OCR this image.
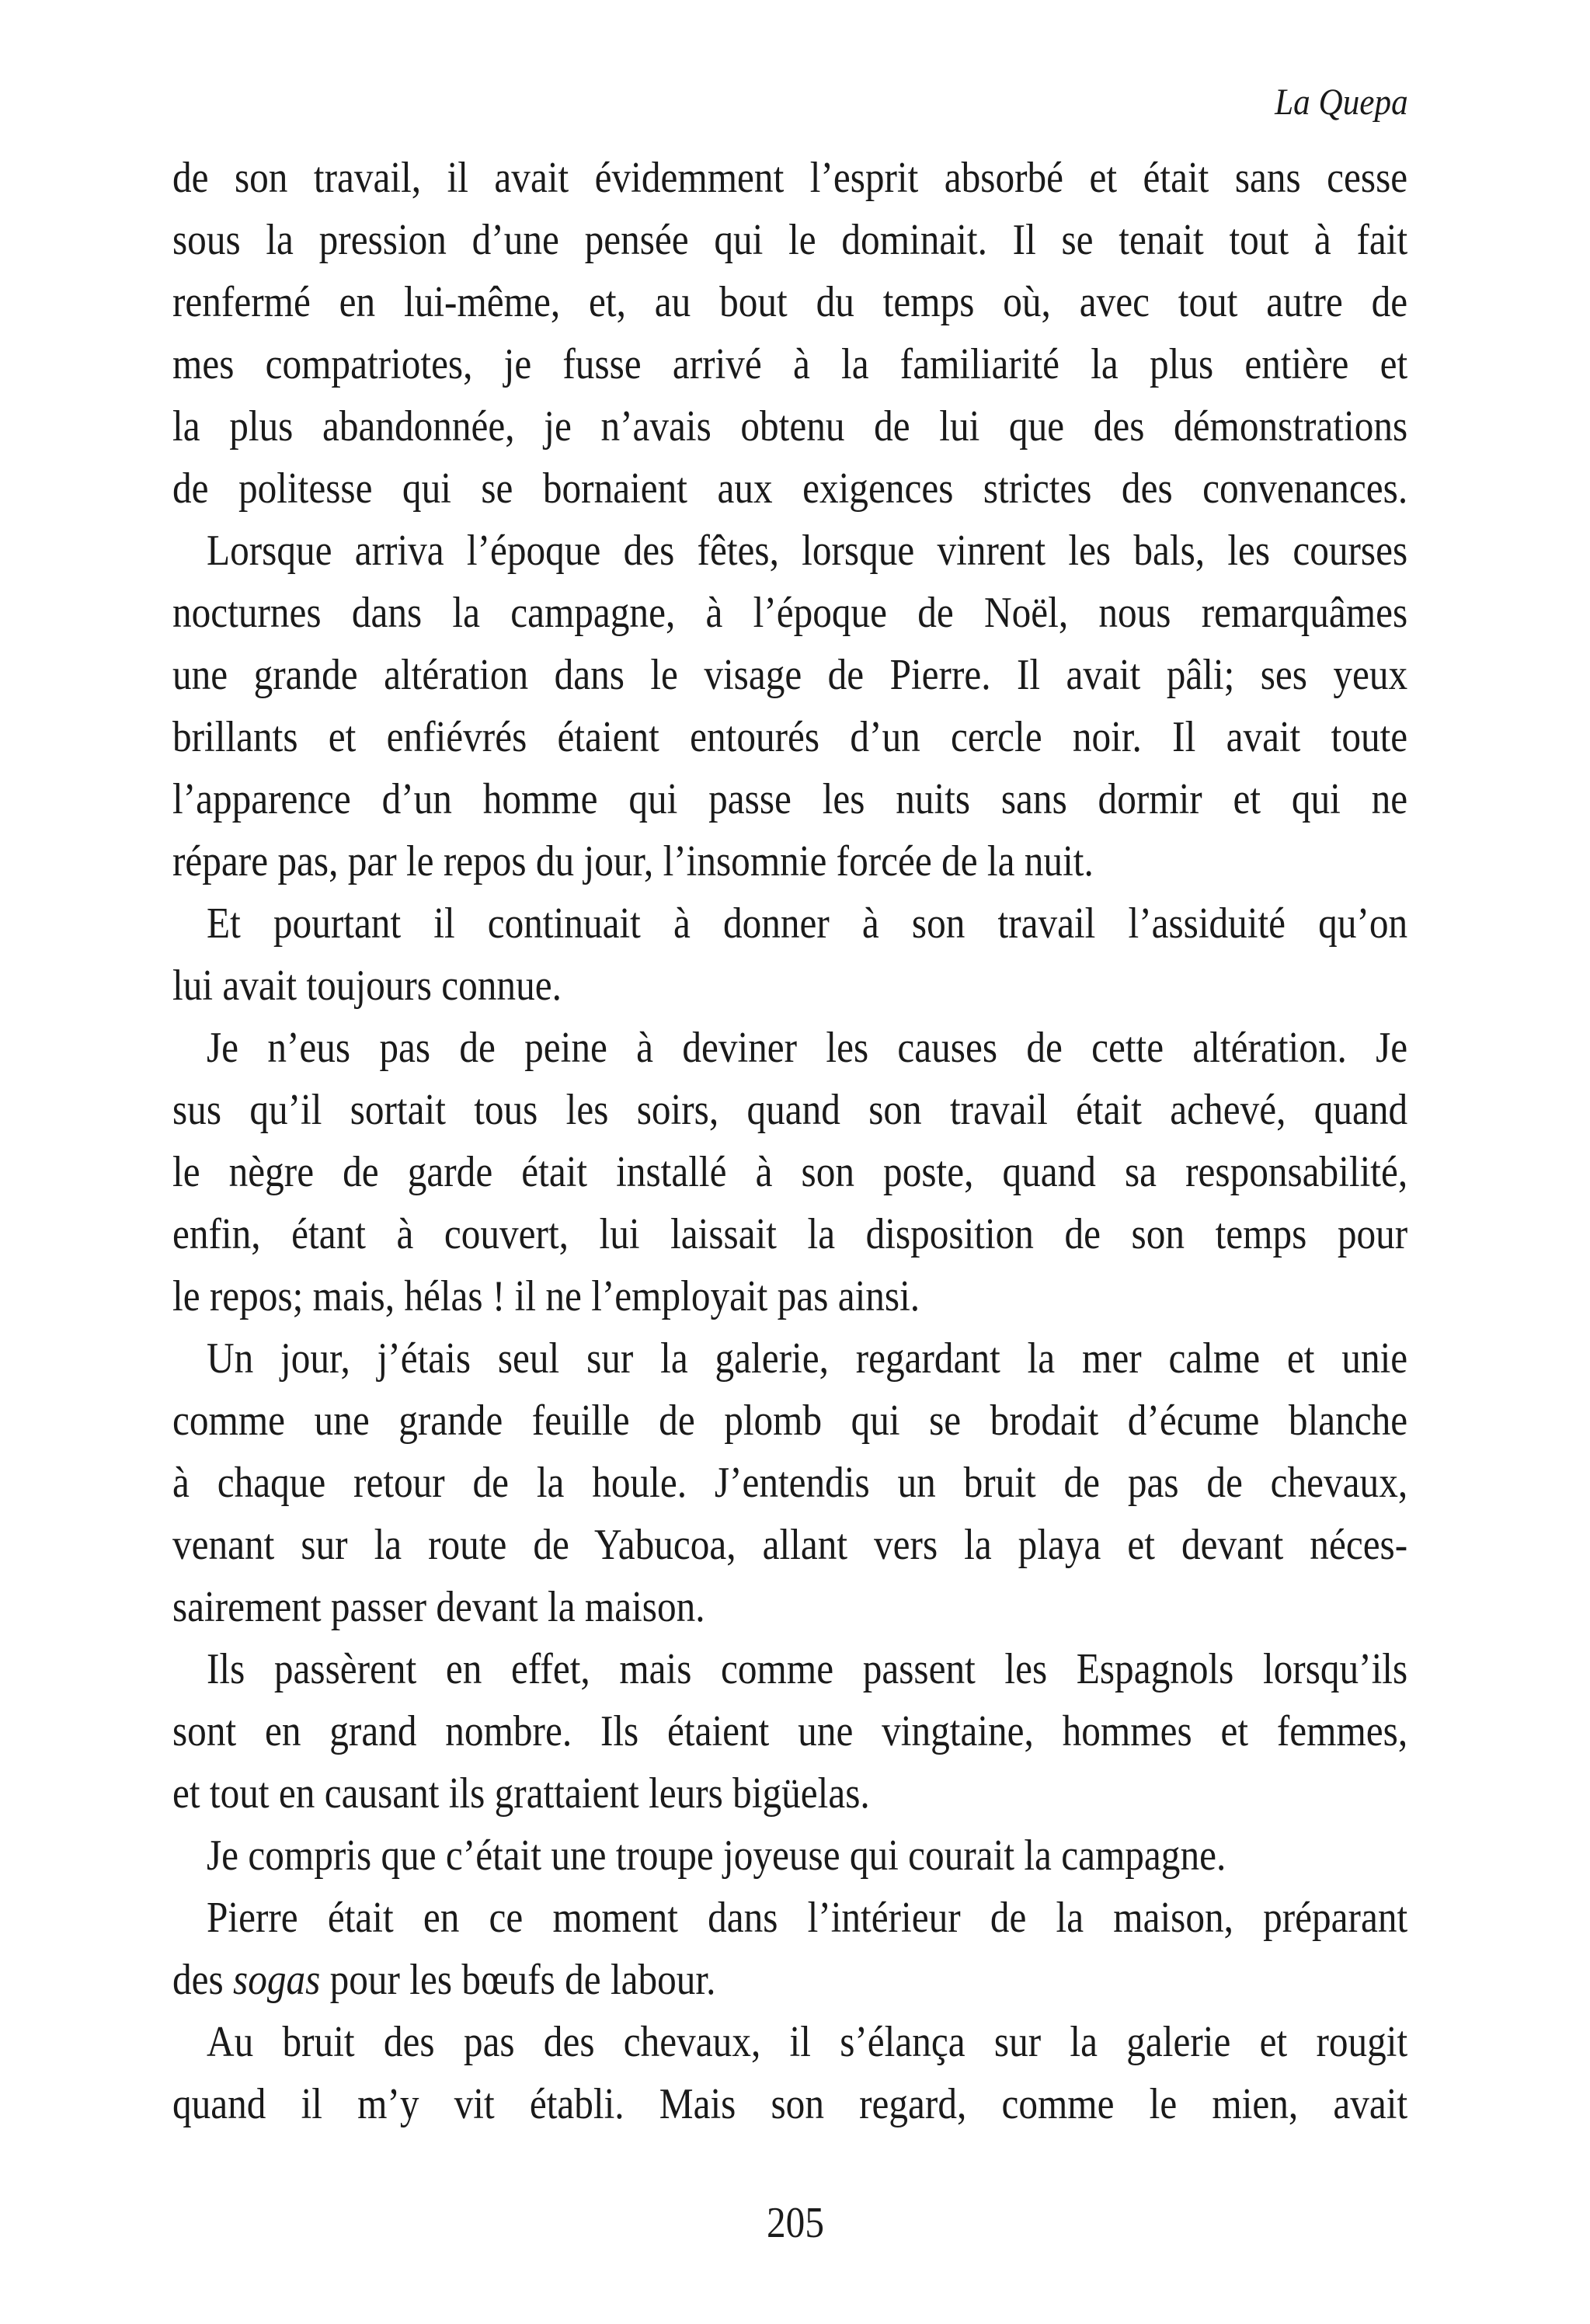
La Quepa
de son travail, il avait évidemment l’esprit absorbé et était sans cesse
sous la pression d’une pensée qui le dominait. Il se tenait tout à fait
renfermé en lui-même, et, au bout du temps où, avec tout autre de
mes compatriotes, je fusse arrivé à la familiarité la plus entière et
la plus abandonnée, je n’avais obtenu de lui que des démonstrations
de politesse qui se bornaient aux exigences strictes des convenances.
Lorsque arriva l’époque des fêtes, lorsque vinrent les bals, les courses
nocturnes dans la campagne, à l’époque de Noël, nous remarquâmes
une grande altération dans le visage de Pierre. Il avait pâli; ses yeux
brillants et enfiévrés étaient entourés d’un cercle noir. Il avait toute
l’apparence d’un homme qui passe les nuits sans dormir et qui ne
répare pas, par le repos du jour, l’insomnie forcée de la nuit.
Et pourtant il continuait à donner à son travail l’assiduité qu’on
lui avait toujours connue.
Je n’eus pas de peine à deviner les causes de cette altération. Je
sus qu’il sortait tous les soirs, quand son travail était achevé, quand
le nègre de garde était installé à son poste, quand sa responsabilité,
enfin, étant à couvert, lui laissait la disposition de son temps pour
le repos; mais, hélas ! il ne l’employait pas ainsi.
Un jour, j’étais seul sur la galerie, regardant la mer calme et unie
comme une grande feuille de plomb qui se brodait d’écume blanche
à chaque retour de la houle. J’entendis un bruit de pas de chevaux,
venant sur la route de Yabucoa, allant vers la playa et devant néces-
sairement passer devant la maison.
Ils passèrent en effet, mais comme passent les Espagnols lorsqu’ils
sont en grand nombre. Ils étaient une vingtaine, hommes et femmes,
et tout en causant ils grattaient leurs bigüelas.
Je compris que c’était une troupe joyeuse qui courait la campagne.
Pierre était en ce moment dans l’intérieur de la maison, préparant
des sogas pour les bœufs de labour.
Au bruit des pas des chevaux, il s’élança sur la galerie et rougit
quand il m’y vit établi. Mais son regard, comme le mien, avait
205
